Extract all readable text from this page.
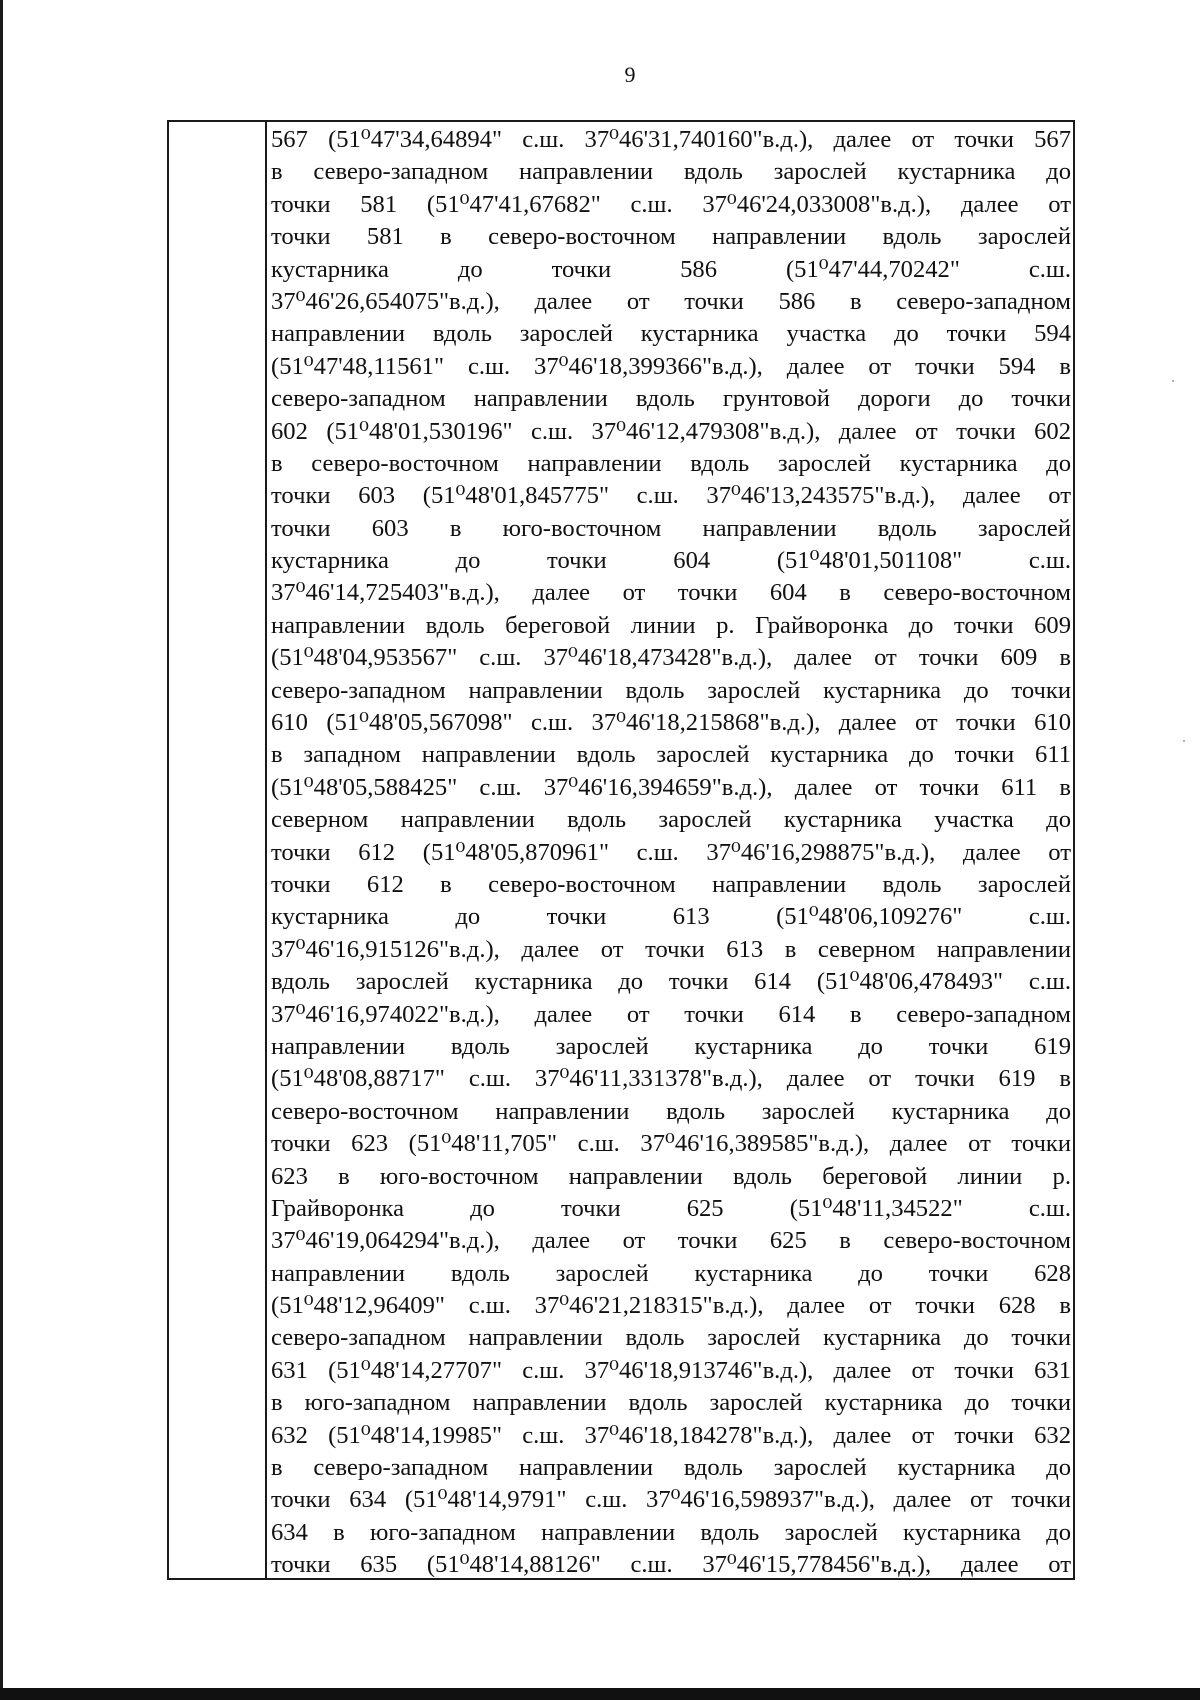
9

567 (51⁰47'34,64894" с.ш. 37⁰46'31,740160"в.д.), далее от точки 567
в северо-западном направлении вдоль зарослей кустарника до
точки 581 (51⁰47'41,67682" с.ш. 37⁰46'24,033008"в.д.), далее от
точки 581 в северо-восточном направлении вдоль зарослей
кустарника до точки 586 (51⁰47'44,70242" с.ш.
37⁰46'26,654075"в.д.), далее от точки 586 в северо-западном
направлении вдоль зарослей кустарника участка до точки 594
(51⁰47'48,11561" с.ш. 37⁰46'18,399366"в.д.), далее от точки 594 в
северо-западном направлении вдоль грунтовой дороги до точки
602 (51⁰48'01,530196" с.ш. 37⁰46'12,479308"в.д.), далее от точки 602
в северо-восточном направлении вдоль зарослей кустарника до
точки 603 (51⁰48'01,845775" с.ш. 37⁰46'13,243575"в.д.), далее от
точки 603 в юго-восточном направлении вдоль зарослей
кустарника до точки 604 (51⁰48'01,501108" с.ш.
37⁰46'14,725403"в.д.), далее от точки 604 в северо-восточном
направлении вдоль береговой линии р. Грайворонка до точки 609
(51⁰48'04,953567" с.ш. 37⁰46'18,473428"в.д.), далее от точки 609 в
северо-западном направлении вдоль зарослей кустарника до точки
610 (51⁰48'05,567098" с.ш. 37⁰46'18,215868"в.д.), далее от точки 610
в западном направлении вдоль зарослей кустарника до точки 611
(51⁰48'05,588425" с.ш. 37⁰46'16,394659"в.д.), далее от точки 611 в
северном направлении вдоль зарослей кустарника участка до
точки 612 (51⁰48'05,870961" с.ш. 37⁰46'16,298875"в.д.), далее от
точки 612 в северо-восточном направлении вдоль зарослей
кустарника до точки 613 (51⁰48'06,109276" с.ш.
37⁰46'16,915126"в.д.), далее от точки 613 в северном направлении
вдоль зарослей кустарника до точки 614 (51⁰48'06,478493" с.ш.
37⁰46'16,974022"в.д.), далее от точки 614 в северо-западном
направлении вдоль зарослей кустарника до точки 619
(51⁰48'08,88717" с.ш. 37⁰46'11,331378"в.д.), далее от точки 619 в
северо-восточном направлении вдоль зарослей кустарника до
точки 623 (51⁰48'11,705" с.ш. 37⁰46'16,389585"в.д.), далее от точки
623 в юго-восточном направлении вдоль береговой линии р.
Грайворонка до точки 625 (51⁰48'11,34522" с.ш.
37⁰46'19,064294"в.д.), далее от точки 625 в северо-восточном
направлении вдоль зарослей кустарника до точки 628
(51⁰48'12,96409" с.ш. 37⁰46'21,218315"в.д.), далее от точки 628 в
северо-западном направлении вдоль зарослей кустарника до точки
631 (51⁰48'14,27707" с.ш. 37⁰46'18,913746"в.д.), далее от точки 631
в юго-западном направлении вдоль зарослей кустарника до точки
632 (51⁰48'14,19985" с.ш. 37⁰46'18,184278"в.д.), далее от точки 632
в северо-западном направлении вдоль зарослей кустарника до
точки 634 (51⁰48'14,9791" с.ш. 37⁰46'16,598937"в.д.), далее от точки
634 в юго-западном направлении вдоль зарослей кустарника до
точки 635 (51⁰48'14,88126" с.ш. 37⁰46'15,778456"в.д.), далее от
